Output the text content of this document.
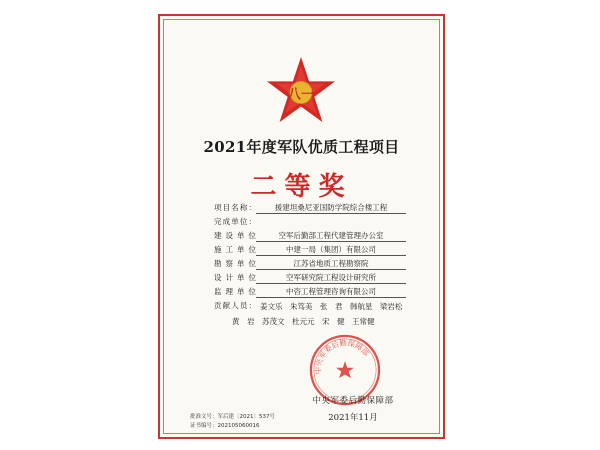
八一
2021年度军队优质工程项目
二等奖
项目名称：	援建坦桑尼亚国防学院综合楼工程
完成单位：
建设单位	空军后勤部工程代建管理办公室
施工单位	中建一局（集团）有限公司
勘察单位	江苏省地质工程勘察院
设计单位	空军研究院工程设计研究所
监理单位	中咨工程管理咨询有限公司
贡献人员： 姜文乐　朱笃美　张　君　韩航星　梁岩松
黄　岩　苏茂文　杜元元　宋　健　王常健
中央军委后勤保障部
中央军委后勤保障部
2021年11月
批准文号：军后建〔2021〕537号
证书编号：202105060016
